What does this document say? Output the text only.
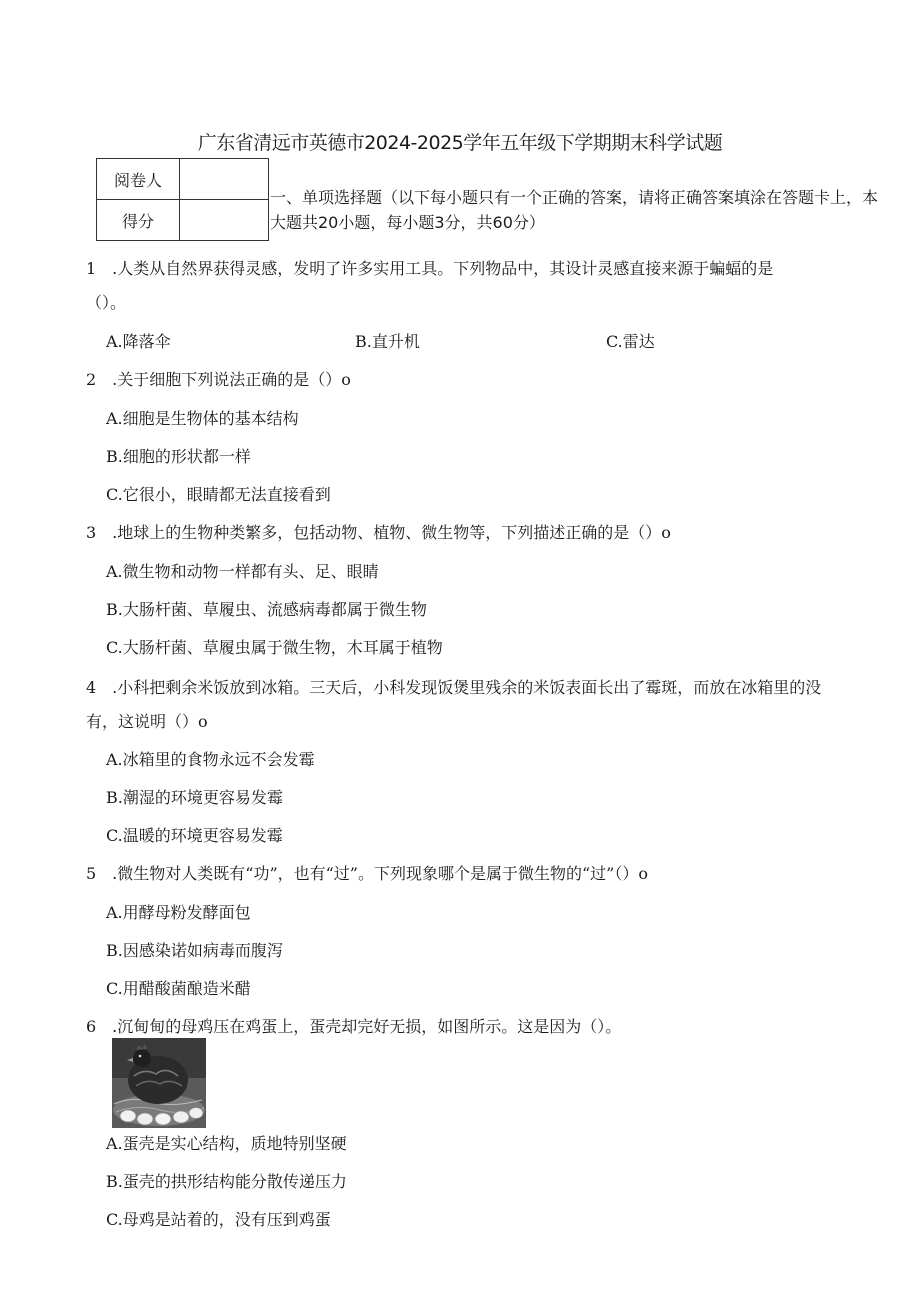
广东省清远市英德市2024-2025学年五年级下学期期末科学试题
阅卷人	
得分	
一、单项选择题（以下每小题只有一个正确的答案，请将正确答案填涂在答题卡上，本大题共20小题，每小题3分，共60分）
1　.人类从自然界获得灵感，发明了许多实用工具。下列物品中，其设计灵感直接来源于蝙蝠的是
（）。
A.降落伞	B.直升机	C.雷达
2　.关于细胞下列说法正确的是（）o
A.细胞是生物体的基本结构
B.细胞的形状都一样
C.它很小，眼睛都无法直接看到
3　.地球上的生物种类繁多，包括动物、植物、微生物等，下列描述正确的是（）o
A.微生物和动物一样都有头、足、眼睛
B.大肠杆菌、草履虫、流感病毒都属于微生物
C.大肠杆菌、草履虫属于微生物，木耳属于植物
4　.小科把剩余米饭放到冰箱。三天后，小科发现饭煲里残余的米饭表面长出了霉斑，而放在冰箱里的没
有，这说明（）o
A.冰箱里的食物永远不会发霉
B.潮湿的环境更容易发霉
C.温暖的环境更容易发霉
5　.微生物对人类既有“功”，也有“过”。下列现象哪个是属于微生物的“过”（）o
A.用酵母粉发酵面包
B.因感染诺如病毒而腹泻
C.用醋酸菌酿造米醋
6　.沉甸甸的母鸡压在鸡蛋上，蛋壳却完好无损，如图所示。这是因为（）。
A.蛋壳是实心结构，质地特别坚硬
B.蛋壳的拱形结构能分散传递压力
C.母鸡是站着的，没有压到鸡蛋
